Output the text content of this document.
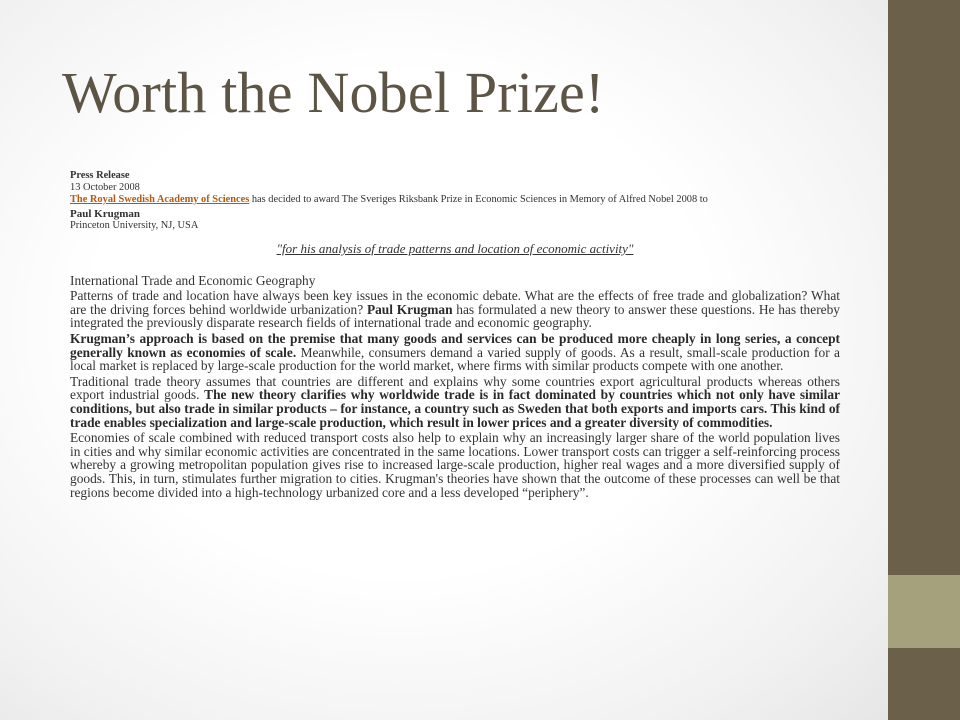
Worth the Nobel Prize!
Press Release
13 October 2008
The Royal Swedish Academy of Sciences has decided to award The Sveriges Riksbank Prize in Economic Sciences in Memory of Alfred Nobel 2008 to
Paul Krugman
Princeton University, NJ, USA
"for his analysis of trade patterns and location of economic activity"
International Trade and Economic Geography

Patterns of trade and location have always been key issues in the economic debate. What are the effects of free trade and globalization? What are the driving forces behind worldwide urbanization? Paul Krugman has formulated a new theory to answer these questions. He has thereby integrated the previously disparate research fields of international trade and economic geography.

Krugman’s approach is based on the premise that many goods and services can be produced more cheaply in long series, a concept generally known as economies of scale. Meanwhile, consumers demand a varied supply of goods. As a result, small-scale production for a local market is replaced by large-scale production for the world market, where firms with similar products compete with one another.

Traditional trade theory assumes that countries are different and explains why some countries export agricultural products whereas others export industrial goods. The new theory clarifies why worldwide trade is in fact dominated by countries which not only have similar conditions, but also trade in similar products – for instance, a country such as Sweden that both exports and imports cars. This kind of trade enables specialization and large-scale production, which result in lower prices and a greater diversity of commodities.

Economies of scale combined with reduced transport costs also help to explain why an increasingly larger share of the world population lives in cities and why similar economic activities are concentrated in the same locations. Lower transport costs can trigger a self-reinforcing process whereby a growing metropolitan population gives rise to increased large-scale production, higher real wages and a more diversified supply of goods. This, in turn, stimulates further migration to cities. Krugman's theories have shown that the outcome of these processes can well be that regions become divided into a high-technology urbanized core and a less developed “periphery”.
